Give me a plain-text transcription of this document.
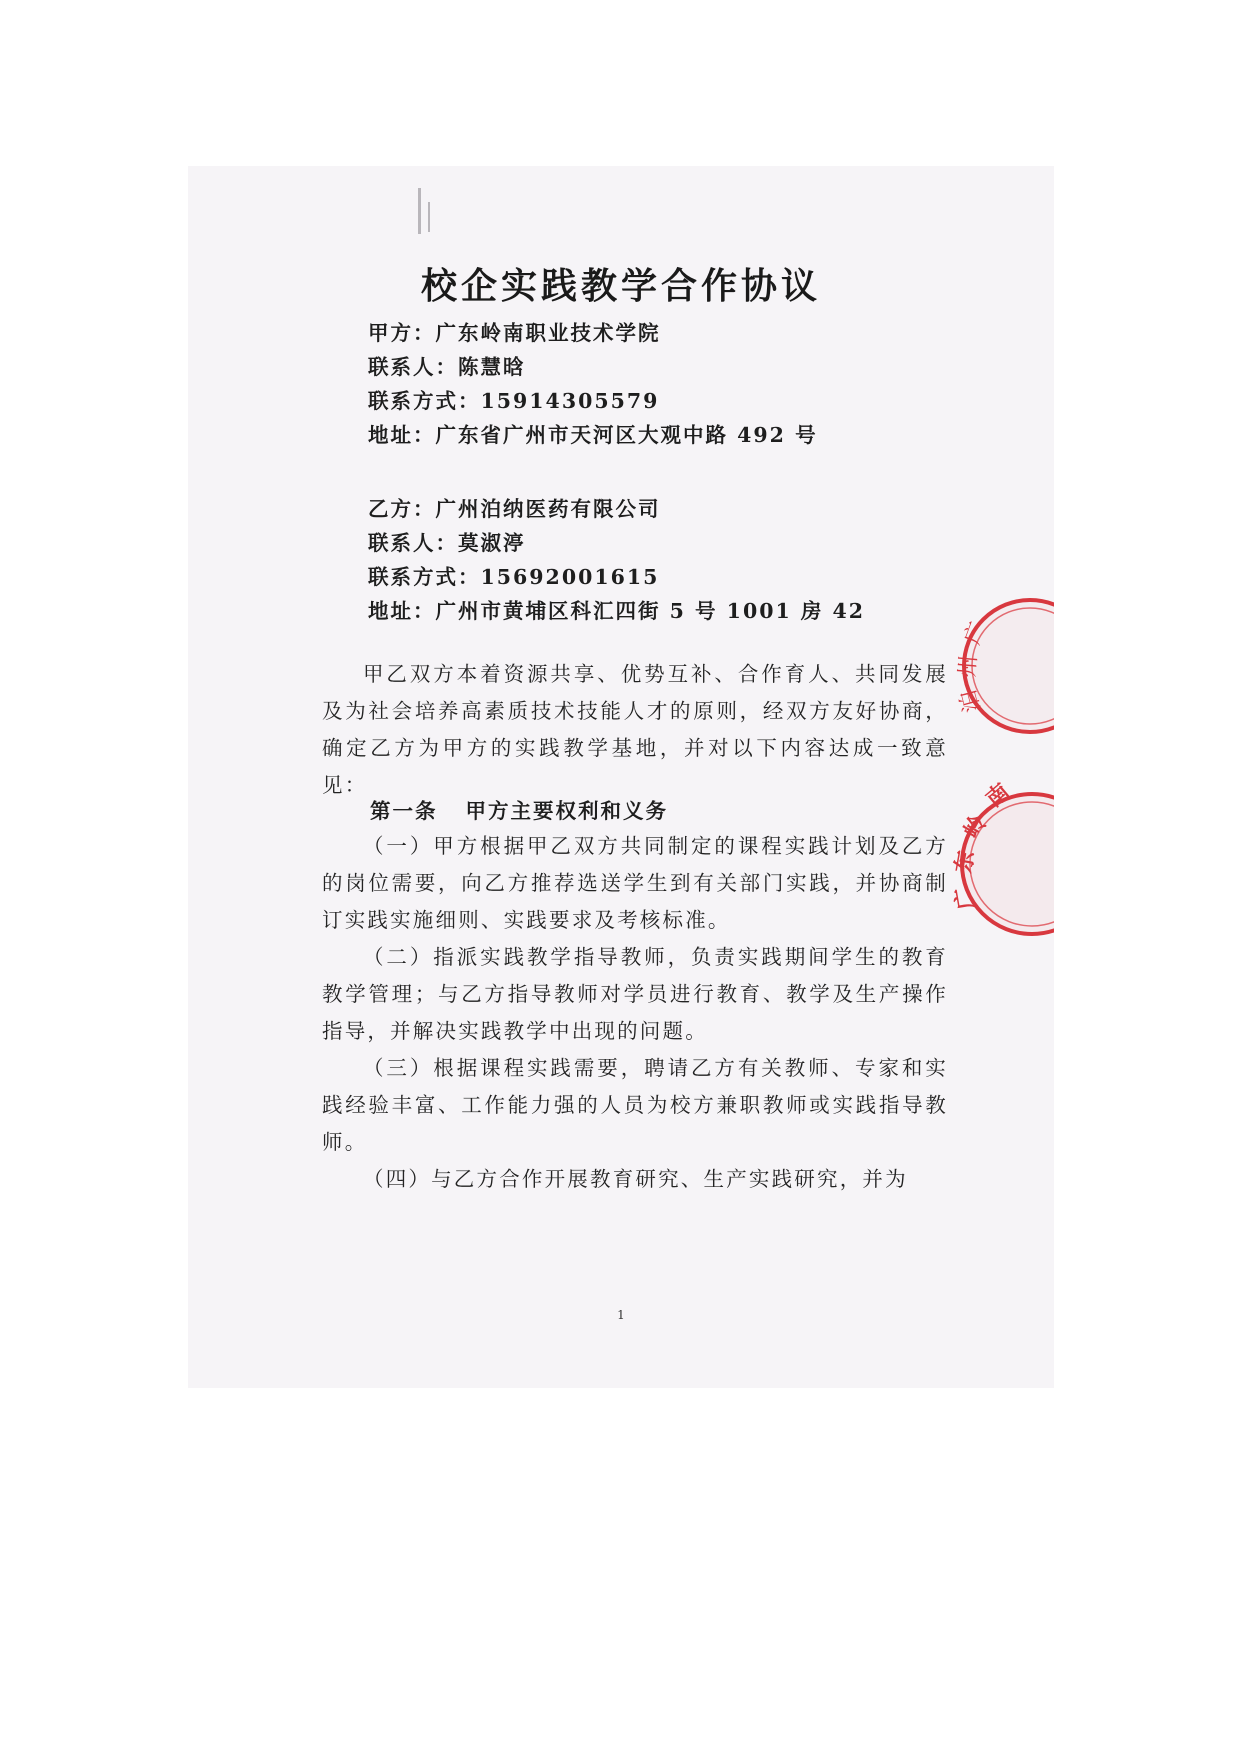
校企实践教学合作协议
甲方：广东岭南职业技术学院
联系人：陈慧晗
联系方式：15914305579
地址：广东省广州市天河区大观中路 492 号
乙方：广州泊纳医药有限公司
联系人：莫淑渟
联系方式：15692001615
地址：广州市黄埔区科汇四街 5 号 1001 房 42

甲乙双方本着资源共享、优势互补、合作育人、共同发展及为社会培养高素质技术技能人才的原则，经双方友好协商，确定乙方为甲方的实践教学基地，并对以下内容达成一致意见：

第一条 甲方主要权利和义务

（一）甲方根据甲乙双方共同制定的课程实践计划及乙方的岗位需要，向乙方推荐选送学生到有关部门实践，并协商制订实践实施细则、实践要求及考核标准。

（二）指派实践教学指导教师，负责实践期间学生的教育教学管理；与乙方指导教师对学员进行教育、教学及生产操作指导，并解决实践教学中出现的问题。

（三）根据课程实践需要，聘请乙方有关教师、专家和实践经验丰富、工作能力强的人员为校方兼职教师或实践指导教师。

（四）与乙方合作开展教育研究、生产实践研究，并为

1
广
州
泊
南
岭
东
广
